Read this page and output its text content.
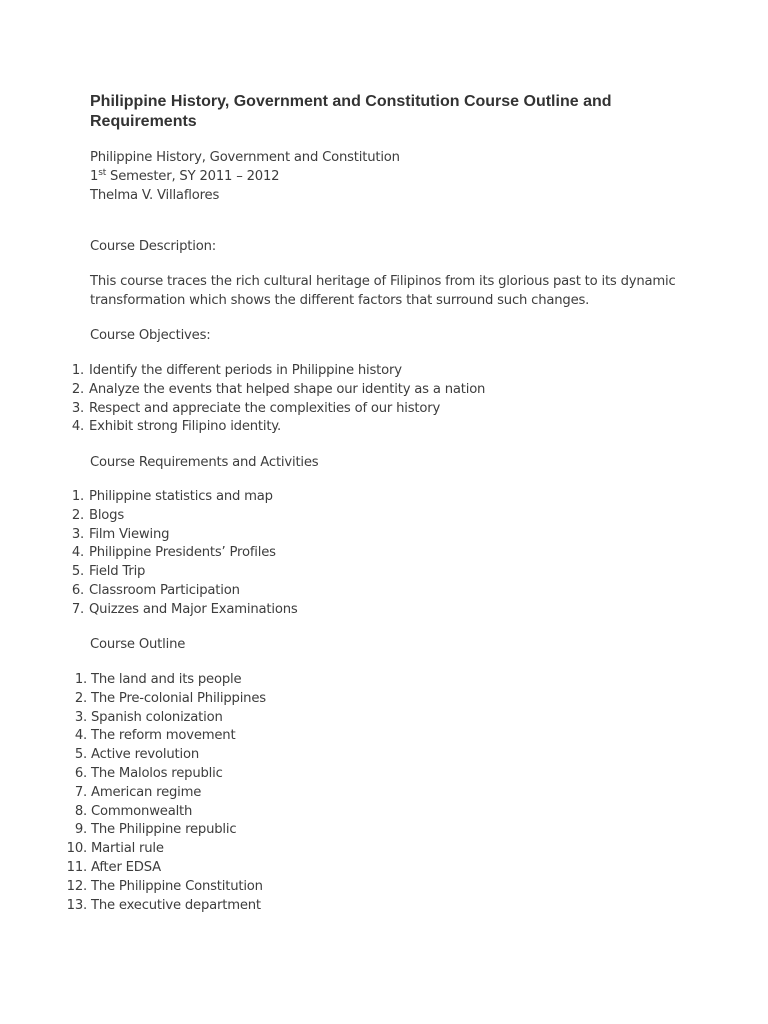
Philippine History, Government and Constitution Course Outline and Requirements
Philippine History, Government and Constitution
1st Semester, SY 2011 – 2012
Thelma V. Villaflores
Course Description:
This course traces the rich cultural heritage of Filipinos from its glorious past to its dynamic transformation which shows the different factors that surround such changes.
Course Objectives:
1. Identify the different periods in Philippine history
2. Analyze the events that helped shape our identity as a nation
3. Respect and appreciate the complexities of our history
4. Exhibit strong Filipino identity.
Course Requirements and Activities
1. Philippine statistics and map
2. Blogs
3. Film Viewing
4. Philippine Presidents’ Profiles
5. Field Trip
6. Classroom Participation
7. Quizzes and Major Examinations
Course Outline
1. The land and its people
2. The Pre-colonial Philippines
3. Spanish colonization
4. The reform movement
5. Active revolution
6. The Malolos republic
7. American regime
8. Commonwealth
9. The Philippine republic
10. Martial rule
11. After EDSA
12. The Philippine Constitution
13. The executive department
